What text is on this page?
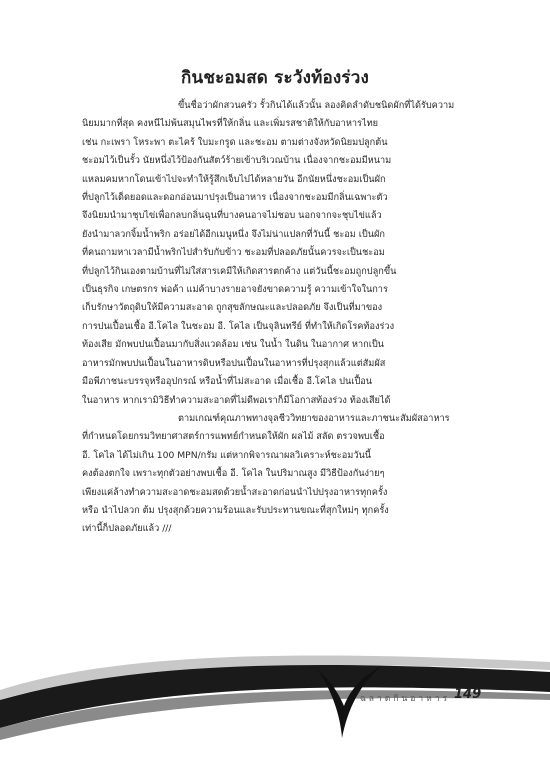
กินชะอมสด ระวังท้องร่วง
ขึ้นชื่อว่าผักสวนครัว รั้วกินได้แล้วนั้น ลองคิดลำดับชนิดผักที่ได้รับความ
นิยมมากที่สุด คงหนีไม่พ้นสมุนไพรที่ให้กลิ่น และเพิ่มรสชาติให้กับอาหารไทย
เช่น กะเพรา โหระพา ตะไคร้ ใบมะกรูด และชะอม ตามต่างจังหวัดนิยมปลูกต้น
ชะอมไว้เป็นรั้ว นัยหนึ่งไว้ป้องกันสัตว์ร้ายเข้าบริเวณบ้าน เนื่องจากชะอมมีหนาม
แหลมคมหากโดนเข้าไปจะทำให้รู้สึกเจ็บไปได้หลายวัน อีกนัยหนึ่งชะอมเป็นผัก
ที่ปลูกไว้เด็ดยอดและดอกอ่อนมาปรุงเป็นอาหาร เนื่องจากชะอมมีกลิ่นเฉพาะตัว
จึงนิยมนำมาชุบไข่เพื่อกลบกลิ่นฉุนที่บางคนอาจไม่ชอบ นอกจากจะชุบไข่แล้ว
ยังนำมาลวกจิ้มน้ำพริก อร่อยได้อีกเมนูหนึ่ง จึงไม่น่าแปลกที่วันนี้ ชะอม เป็นผัก
ที่คนถามหาเวลามีน้ำพริกไปสำรับกับข้าว ชะอมที่ปลอดภัยนั้นควรจะเป็นชะอม
ที่ปลูกไว้กินเองตามบ้านที่ไม่ใส่สารเคมีให้เกิดสารตกค้าง แต่วันนี้ชะอมถูกปลูกขึ้น
เป็นธุรกิจ เกษตรกร พ่อค้า แม่ค้าบางรายอาจยังขาดความรู้ ความเข้าใจในการ
เก็บรักษาวัตถุดิบให้มีความสะอาด ถูกสุขลักษณะและปลอดภัย จึงเป็นที่มาของ
การปนเปื้อนเชื้อ อี.โคไล ในชะอม อี. โคไล เป็นจุลินทรีย์ ที่ทำให้เกิดโรคท้องร่วง
ท้องเสีย มักพบปนเปื้อนมากับสิ่งแวดล้อม เช่น ในน้ำ ในดิน ในอากาศ หากเป็น
อาหารมักพบปนเปื้อนในอาหารดิบหรือปนเปื้อนในอาหารที่ปรุงสุกแล้วแต่สัมผัส
มือพีภาชนะบรรจุหรืออุปกรณ์ หรือน้ำที่ไม่สะอาด เมื่อเชื้อ อี.โคไล ปนเปื้อน
ในอาหาร หากเรามิวิธีทำความสะอาดที่ไม่ดีพอเราก็มีโอกาสท้องร่วง ท้องเสียได้
ตามเกณฑ์คุณภาพทางจุลชีววิทยาของอาหารและภาชนะสัมผัสอาหาร
ที่กำหนดโดยกรมวิทยาศาสตร์การแพทย์กำหนดให้ผัก ผลไม้ สลัด ตรวจพบเชื้อ
อี. โคไล ได้ไม่เกิน 100 MPN/กรัม แต่หากพิจารณาผลวิเคราะห์ชะอมวันนี้
คงต้องตกใจ เพราะทุกตัวอย่างพบเชื้อ อี. โคไล ในปริมาณสูง มีวิธีป้องกันง่ายๆ
เพียงแค่ล้างทำความสะอาดชะอมสดด้วยน้ำสะอาดก่อนนำไปปรุงอาหารทุกครั้ง
หรือ นำไปลวก ต้ม ปรุงสุกด้วยความร้อนและรับประทานขณะที่สุกใหม่ๆ ทุกครั้ง
เท่านี้ก็ปลอดภัยแล้ว ///
ฉลาดกินอาหาร 149
